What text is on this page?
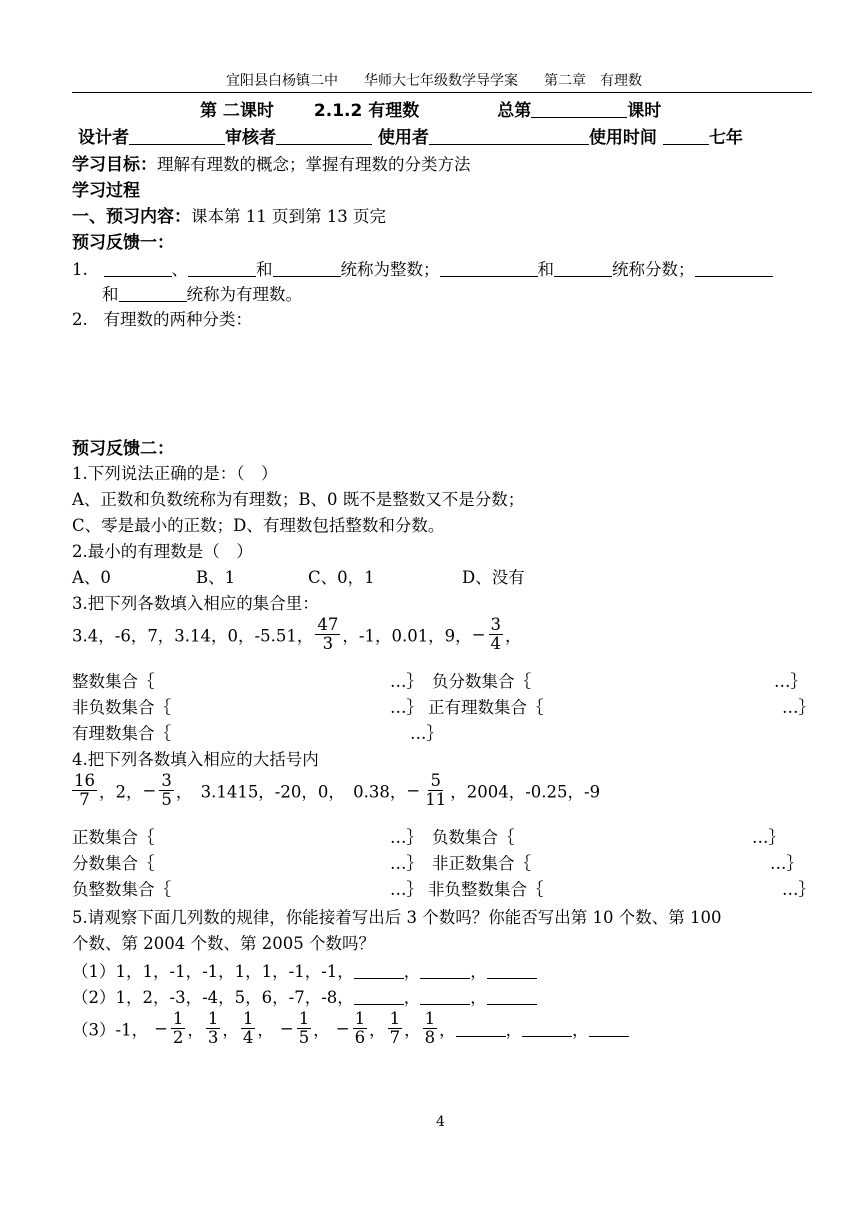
宜阳县白杨镇二中 华师大七年级数学导学案 第二章　有理数
第 二课时 2.1.2 有理数	总第	课时
设计者	审核者	使用者	使用时间	七年
学习目标：理解有理数的概念；掌握有理数的分类方法
学习过程
一、预习内容：课本第 11 页到第 13 页完
预习反馈一：
1.	、	和	统称为整数；	和	统称分数；
和	统称为有理数。
2. 有理数的两种分类：
预习反馈二：
1.下列说法正确的是：（　）
A、正数和负数统称为有理数；B、0 既不是整数又不是分数；
C、零是最小的正数；D、有理数包括整数和分数。
2.最小的有理数是（　）
A、0	B、1	C、0，1	D、没有
3.把下列各数填入相应的集合里：
3.4，-6，7，3.14，0，-5.51， $\frac{47}{3}$ ，-1，0.01，9，− $\frac{3}{4}$ ，
整数集合｛	…｝ 负分数集合｛	…｝
非负数集合｛	…｝ 正有理数集合｛	…｝
有理数集合｛	…｝
4.把下列各数填入相应的大括号内
$\frac{16}{7}$ ，2，− $\frac{3}{5}$ ，　3.1415，-20，0，　0.38，− $\frac{5}{11}$ ，2004，-0.25，-9
正数集合｛	…｝ 负数集合｛	…｝
分数集合｛	…｝ 非正数集合｛	…｝
负整数集合｛	…｝ 非负整数集合｛	…｝
5.请观察下面几列数的规律，你能接着写出后 3 个数吗？你能否写出第 10 个数、第 100
个数、第 2004 个数、第 2005 个数吗？
（1）1，1，-1，-1，1，1，-1，-1，	，	，
（2）1，2，-3，-4，5，6，-7，-8，	，	，
（3）-1， − $\frac{1}{2}$ ， $\frac{1}{3}$ ， $\frac{1}{4}$ ， − $\frac{1}{5}$ ， − $\frac{1}{6}$ ， $\frac{1}{7}$ ， $\frac{1}{8}$ ，	，	，
4
